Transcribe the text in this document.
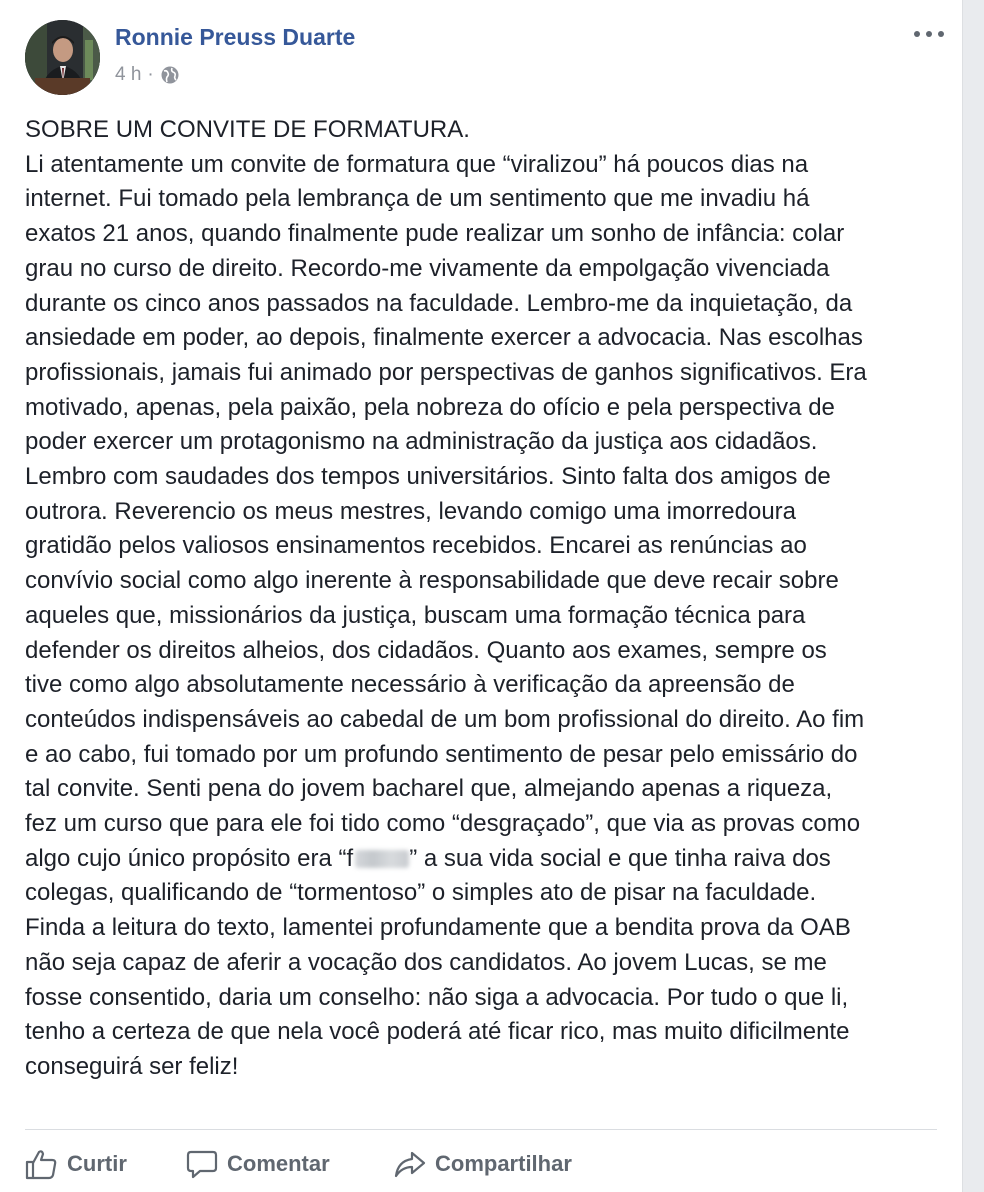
Ronnie Preuss Duarte
4 h ·
SOBRE UM CONVITE DE FORMATURA.
Li atentamente um convite de formatura que “viralizou” há poucos dias na
internet. Fui tomado pela lembrança de um sentimento que me invadiu há
exatos 21 anos, quando finalmente pude realizar um sonho de infância: colar
grau no curso de direito. Recordo-me vivamente da empolgação vivenciada
durante os cinco anos passados na faculdade. Lembro-me da inquietação, da
ansiedade em poder, ao depois, finalmente exercer a advocacia. Nas escolhas
profissionais, jamais fui animado por perspectivas de ganhos significativos. Era
motivado, apenas, pela paixão, pela nobreza do ofício e pela perspectiva de
poder exercer um protagonismo na administração da justiça aos cidadãos.
Lembro com saudades dos tempos universitários. Sinto falta dos amigos de
outrora. Reverencio os meus mestres, levando comigo uma imorredoura
gratidão pelos valiosos ensinamentos recebidos. Encarei as renúncias ao
convívio social como algo inerente à responsabilidade que deve recair sobre
aqueles que, missionários da justiça, buscam uma formação técnica para
defender os direitos alheios, dos cidadãos. Quanto aos exames, sempre os
tive como algo absolutamente necessário à verificação da apreensão de
conteúdos indispensáveis ao cabedal de um bom profissional do direito. Ao fim
e ao cabo, fui tomado por um profundo sentimento de pesar pelo emissário do
tal convite. Senti pena do jovem bacharel que, almejando apenas a riqueza,
fez um curso que para ele foi tido como “desgraçado”, que via as provas como
algo cujo único propósito era “f ” a sua vida social e que tinha raiva dos
colegas, qualificando de “tormentoso” o simples ato de pisar na faculdade.
Finda a leitura do texto, lamentei profundamente que a bendita prova da OAB
não seja capaz de aferir a vocação dos candidatos. Ao jovem Lucas, se me
fosse consentido, daria um conselho: não siga a advocacia. Por tudo o que li,
tenho a certeza de que nela você poderá até ficar rico, mas muito dificilmente
conseguirá ser feliz!
Curtir	Comentar	Compartilhar
